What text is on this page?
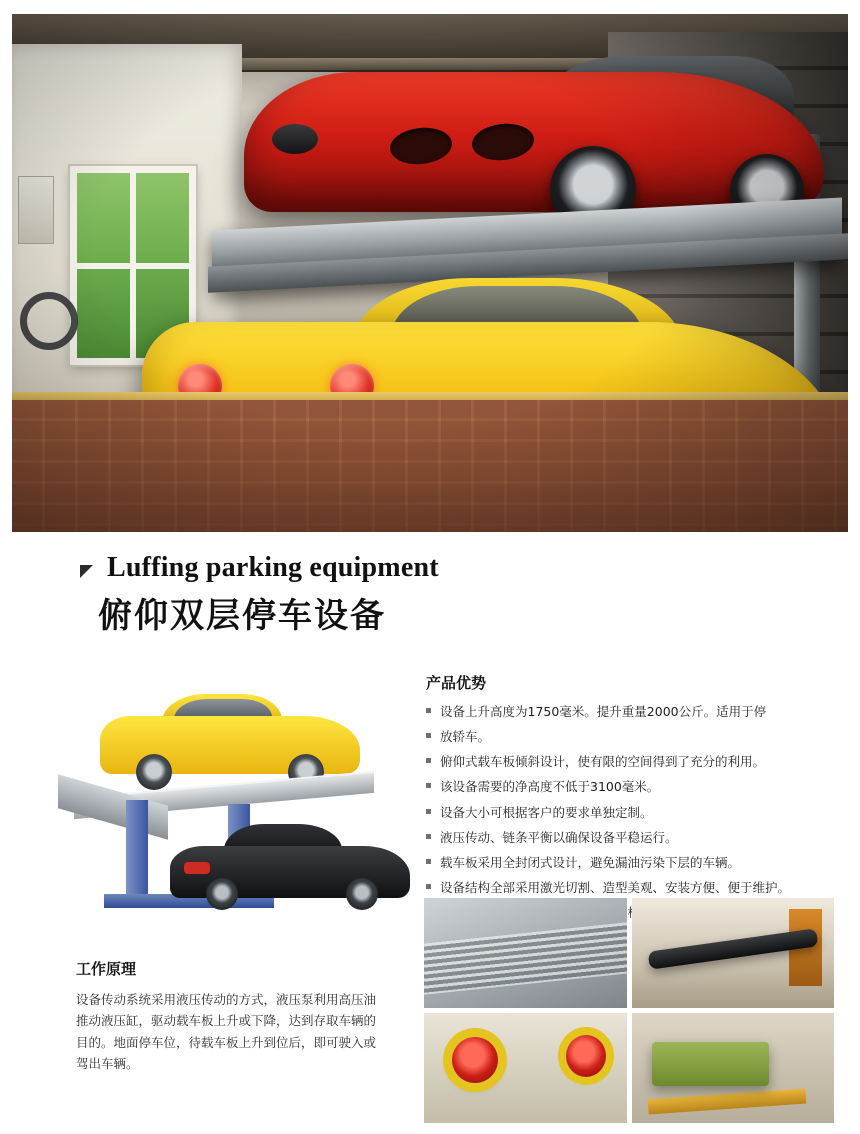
Luffing parking equipment
俯仰双层停车设备
产品优势
设备上升高度为1750毫米。提升重量2000公斤。适用于停
放轿车。
俯仰式载车板倾斜设计，使有限的空间得到了充分的利用。
该设备需要的净高度不低于3100毫米。
设备大小可根据客户的要求单独定制。
液压传动、链条平衡以确保设备平稳运行。
载车板采用全封闭式设计，避免漏油污染下层的车辆。
设备结构全部采用激光切割、造型美观、安装方便、便于维护。
工作原理

设备传动系统采用液压传动的方式，液压泵利用高压油推动液压缸，驱动载车板上升或下降，达到存取车辆的目的。地面停车位，待载车板上升到位后，即可驶入或驾出车辆。
